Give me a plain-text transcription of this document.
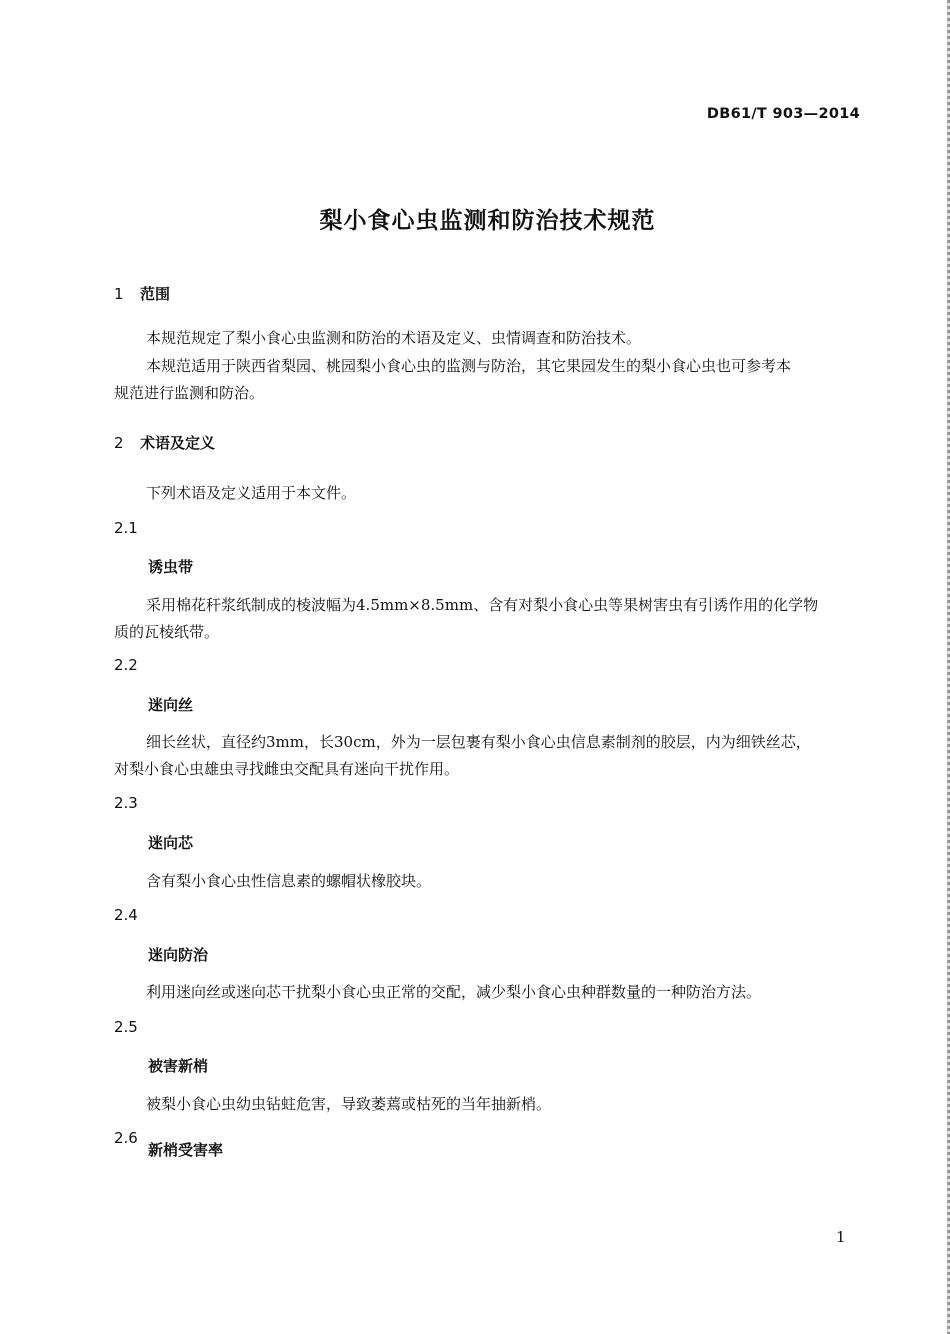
DB61/T 903—2014
梨小食心虫监测和防治技术规范
1 范围
本规范规定了梨小食心虫监测和防治的术语及定义、虫情调查和防治技术。
本规范适用于陕西省梨园、桃园梨小食心虫的监测与防治，其它果园发生的梨小食心虫也可参考本
规范进行监测和防治。
2 术语及定义
下列术语及定义适用于本文件。
2.1
诱虫带
采用棉花秆浆纸制成的棱波幅为4.5mm×8.5mm、含有对梨小食心虫等果树害虫有引诱作用的化学物
质的瓦棱纸带。
2.2
迷向丝
细长丝状，直径约3mm，长30cm，外为一层包裹有梨小食心虫信息素制剂的胶层，内为细铁丝芯，
对梨小食心虫雄虫寻找雌虫交配具有迷向干扰作用。
2.3
迷向芯
含有梨小食心虫性信息素的螺帽状橡胶块。
2.4
迷向防治
利用迷向丝或迷向芯干扰梨小食心虫正常的交配，减少梨小食心虫种群数量的一种防治方法。
2.5
被害新梢
被梨小食心虫幼虫钻蛀危害，导致萎蔫或枯死的当年抽新梢。
2.6
新梢受害率
1
